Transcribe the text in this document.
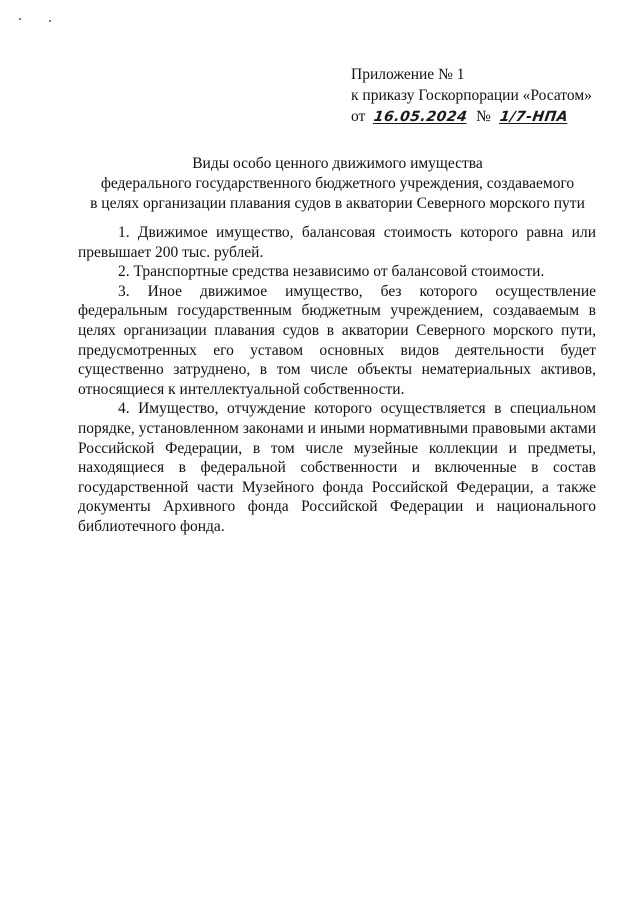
Приложение № 1
к приказу Госкорпорации «Росатом»
от 16.05.2024 № 1/7-НПА
Виды особо ценного движимого имущества
федерального государственного бюджетного учреждения, создаваемого
в целях организации плавания судов в акватории Северного морского пути

1. Движимое имущество, балансовая стоимость которого равна или превышает 200 тыс. рублей.

2. Транспортные средства независимо от балансовой стоимости.

3. Иное движимое имущество, без которого осуществление федеральным государственным бюджетным учреждением, создаваемым в целях организации плавания судов в акватории Северного морского пути, предусмотренных его уставом основных видов деятельности будет существенно затруднено, в том числе объекты нематериальных активов, относящиеся к интеллектуальной собственности.

4. Имущество, отчуждение которого осуществляется в специальном порядке, установленном законами и иными нормативными правовыми актами Российской Федерации, в том числе музейные коллекции и предметы, находящиеся в федеральной собственности и включенные в состав государственной части Музейного фонда Российской Федерации, а также документы Архивного фонда Российской Федерации и национального библиотечного фонда.
